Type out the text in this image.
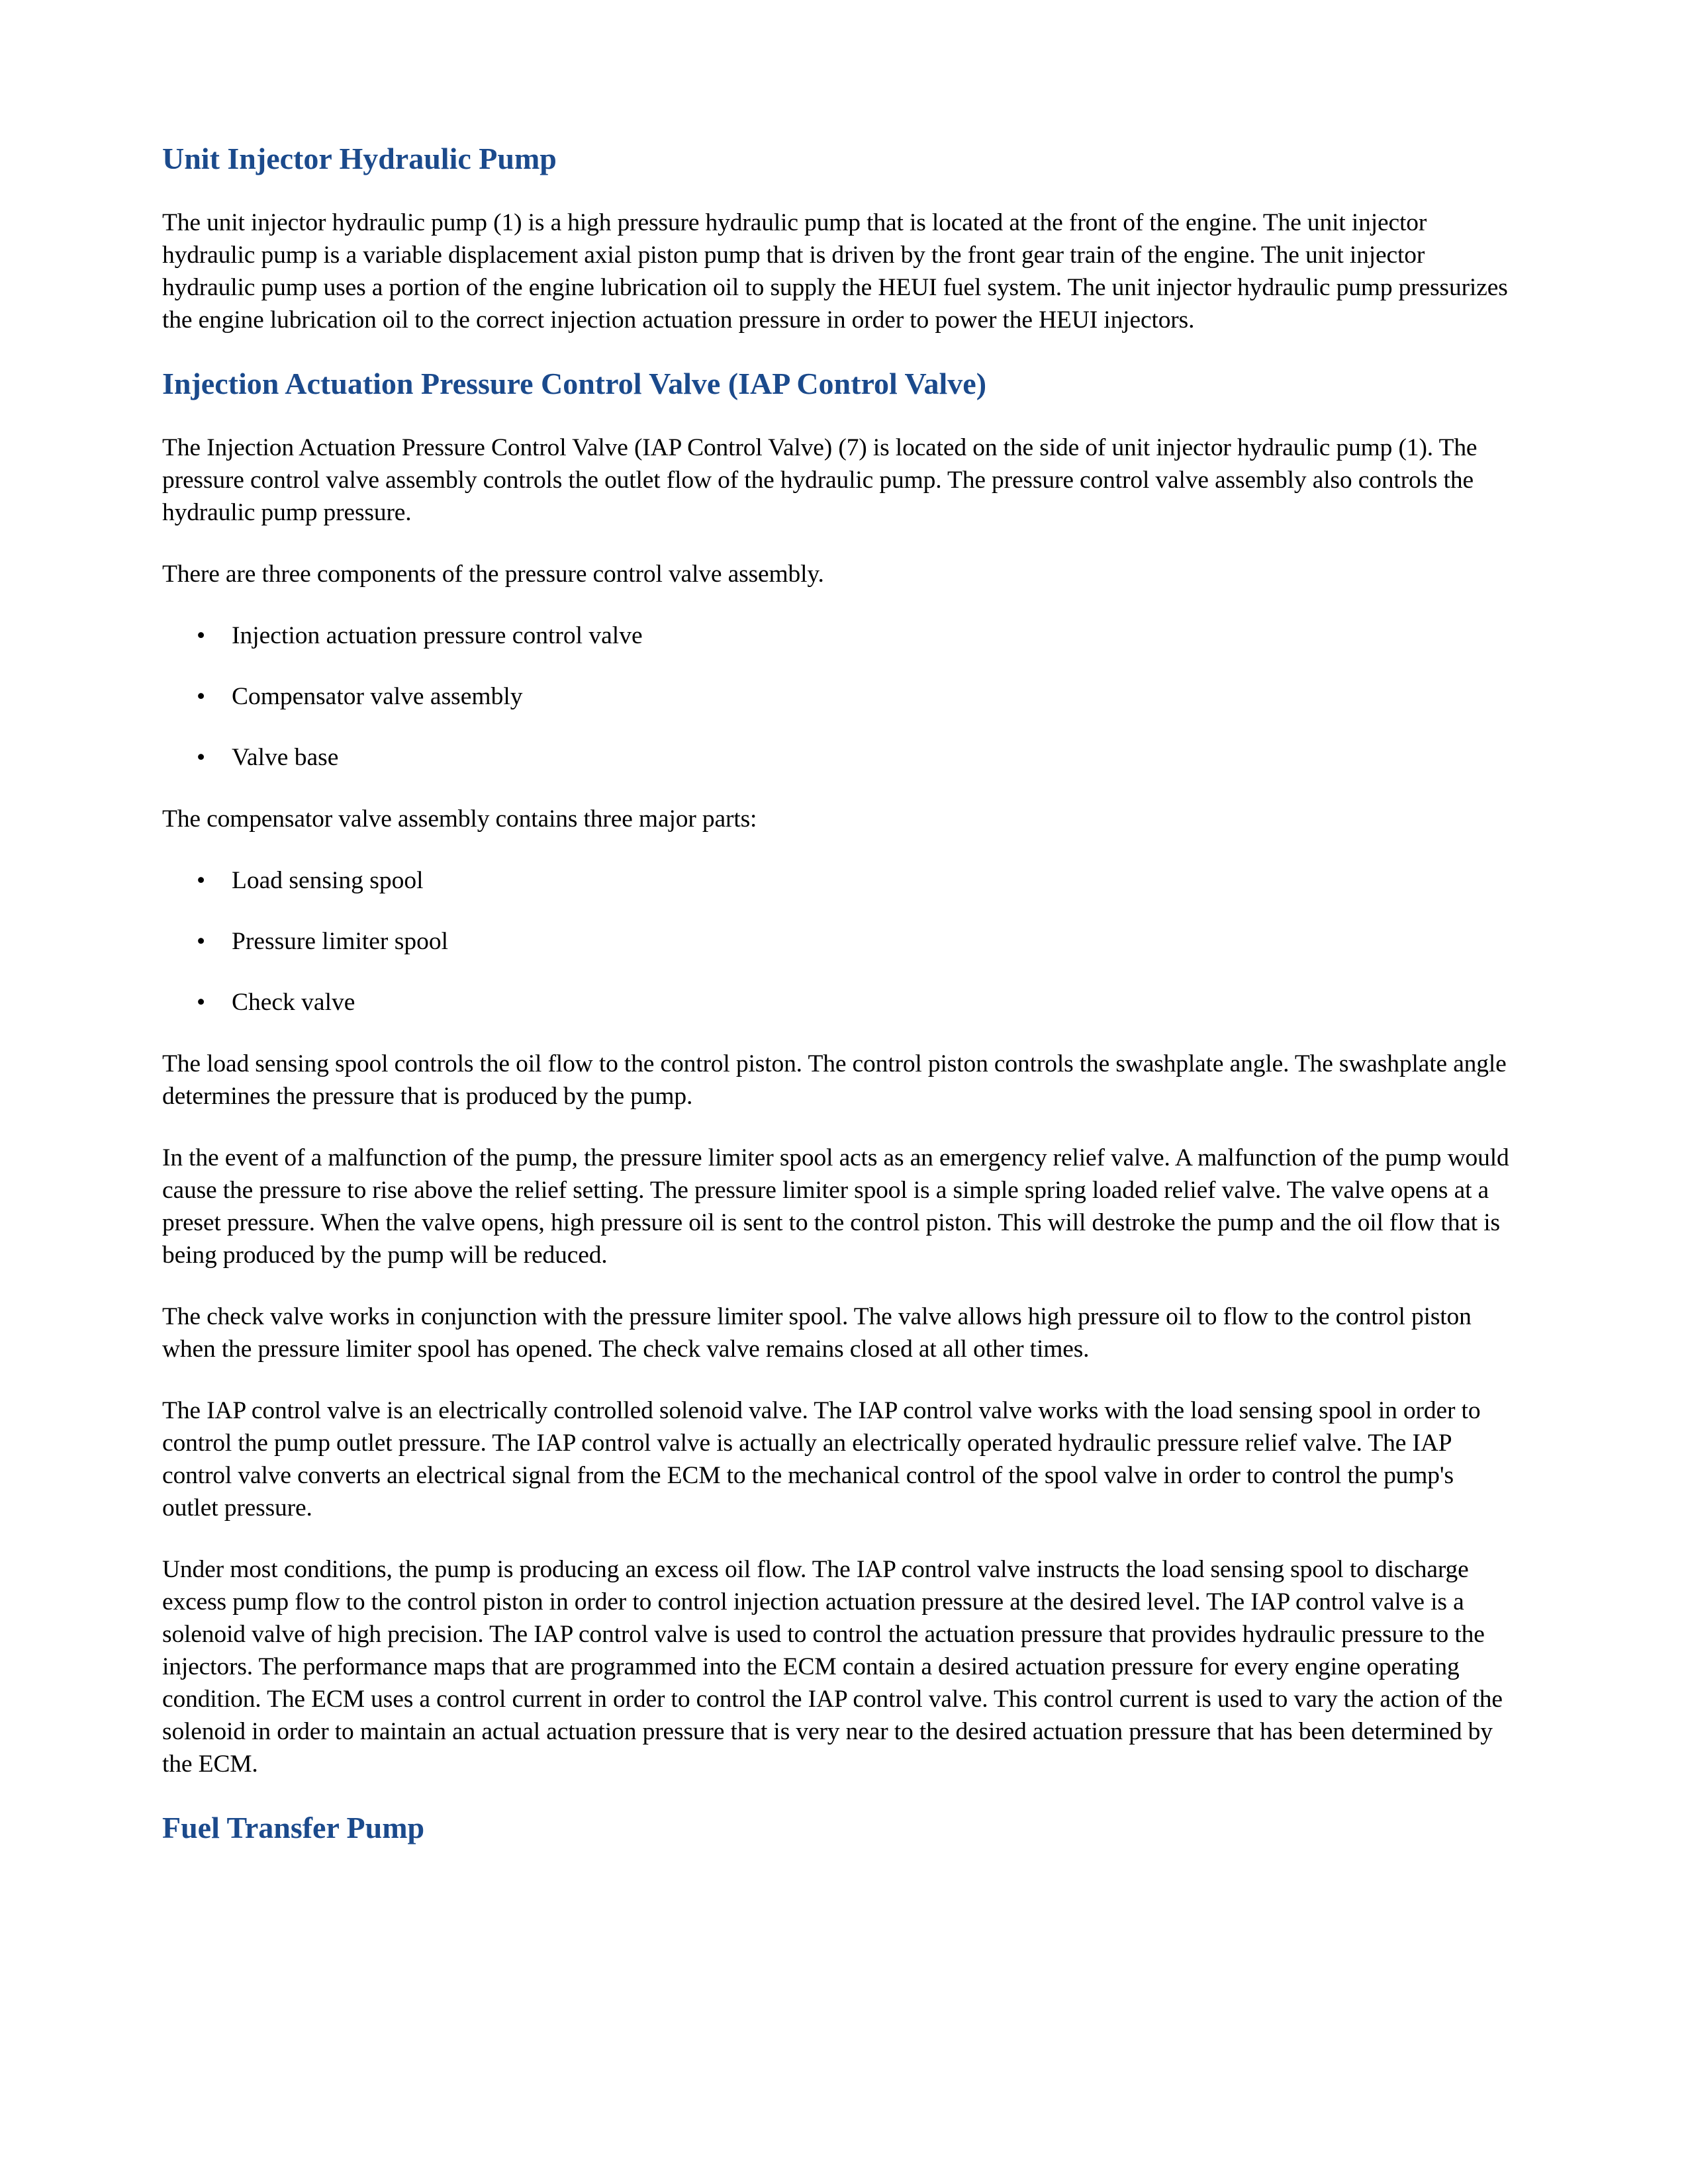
Unit Injector Hydraulic Pump

The unit injector hydraulic pump (1) is a high pressure hydraulic pump that is located at the front of the engine. The unit injector hydraulic pump is a variable displacement axial piston pump that is driven by the front gear train of the engine. The unit injector hydraulic pump uses a portion of the engine lubrication oil to supply the HEUI fuel system. The unit injector hydraulic pump pressurizes the engine lubrication oil to the correct injection actuation pressure in order to power the HEUI injectors.

Injection Actuation Pressure Control Valve (IAP Control Valve)

The Injection Actuation Pressure Control Valve (IAP Control Valve) (7) is located on the side of unit injector hydraulic pump (1). The pressure control valve assembly controls the outlet flow of the hydraulic pump. The pressure control valve assembly also controls the hydraulic pump pressure.

There are three components of the pressure control valve assembly.

• Injection actuation pressure control valve
• Compensator valve assembly
• Valve base

The compensator valve assembly contains three major parts:

• Load sensing spool
• Pressure limiter spool
• Check valve

The load sensing spool controls the oil flow to the control piston. The control piston controls the swashplate angle. The swashplate angle determines the pressure that is produced by the pump.

In the event of a malfunction of the pump, the pressure limiter spool acts as an emergency relief valve. A malfunction of the pump would cause the pressure to rise above the relief setting. The pressure limiter spool is a simple spring loaded relief valve. The valve opens at a preset pressure. When the valve opens, high pressure oil is sent to the control piston. This will destroke the pump and the oil flow that is being produced by the pump will be reduced.

The check valve works in conjunction with the pressure limiter spool. The valve allows high pressure oil to flow to the control piston when the pressure limiter spool has opened. The check valve remains closed at all other times.

The IAP control valve is an electrically controlled solenoid valve. The IAP control valve works with the load sensing spool in order to control the pump outlet pressure. The IAP control valve is actually an electrically operated hydraulic pressure relief valve. The IAP control valve converts an electrical signal from the ECM to the mechanical control of the spool valve in order to control the pump's outlet pressure.

Under most conditions, the pump is producing an excess oil flow. The IAP control valve instructs the load sensing spool to discharge excess pump flow to the control piston in order to control injection actuation pressure at the desired level. The IAP control valve is a solenoid valve of high precision. The IAP control valve is used to control the actuation pressure that provides hydraulic pressure to the injectors. The performance maps that are programmed into the ECM contain a desired actuation pressure for every engine operating condition. The ECM uses a control current in order to control the IAP control valve. This control current is used to vary the action of the solenoid in order to maintain an actual actuation pressure that is very near to the desired actuation pressure that has been determined by the ECM.

Fuel Transfer Pump
